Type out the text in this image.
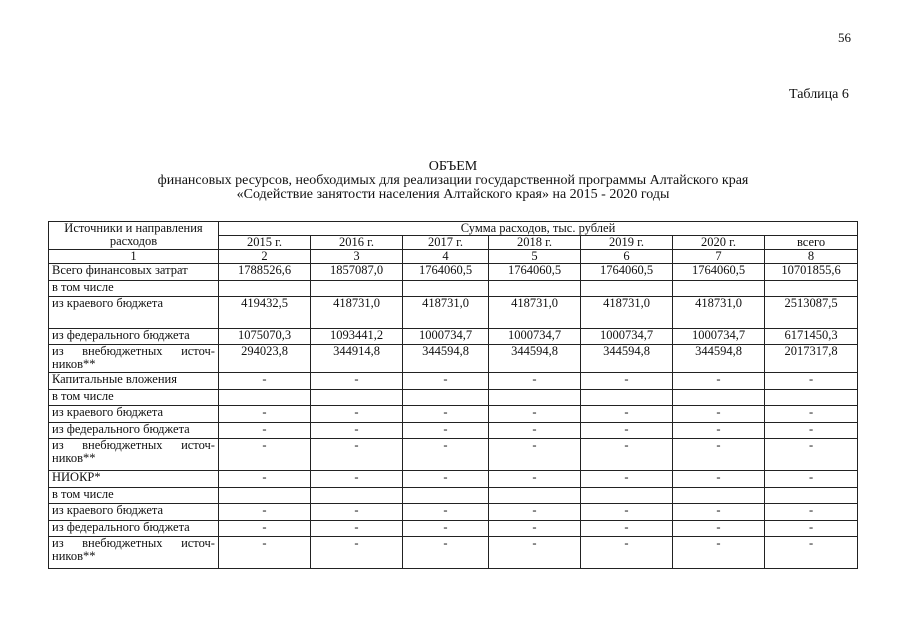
56
Таблица 6
ОБЪЕМ
финансовых ресурсов, необходимых для реализации государственной программы Алтайского края
«Содействие занятости населения Алтайского края» на 2015 - 2020 годы
Источники и направления расходов	Сумма расходов, тыс. рублей						
	2015 г.	2016 г.	2017 г.	2018 г.	2019 г.	2020 г.	всего
1	2	3	4	5	6	7	8
Всего финансовых затрат	1788526,6	1857087,0	1764060,5	1764060,5	1764060,5	1764060,5	10701855,6
в том числе							
из краевого бюджета	419432,5	418731,0	418731,0	418731,0	418731,0	418731,0	2513087,5
из федерального бюджета	1075070,3	1093441,2	1000734,7	1000734,7	1000734,7	1000734,7	6171450,3

из внебюджетных источ-
ников**	294023,8	344914,8	344594,8	344594,8	344594,8	344594,8	2017317,8
Капитальные вложения	-	-	-	-	-	-	-
в том числе							
из краевого бюджета	-	-	-	-	-	-	-
из федерального бюджета	-	-	-	-	-	-	-

из внебюджетных источ-
ников**	-	-	-	-	-	-	-
НИОКР*	-	-	-	-	-	-	-
в том числе							
из краевого бюджета	-	-	-	-	-	-	-
из федерального бюджета	-	-	-	-	-	-	-

из внебюджетных источ-
ников**	-	-	-	-	-	-	-
